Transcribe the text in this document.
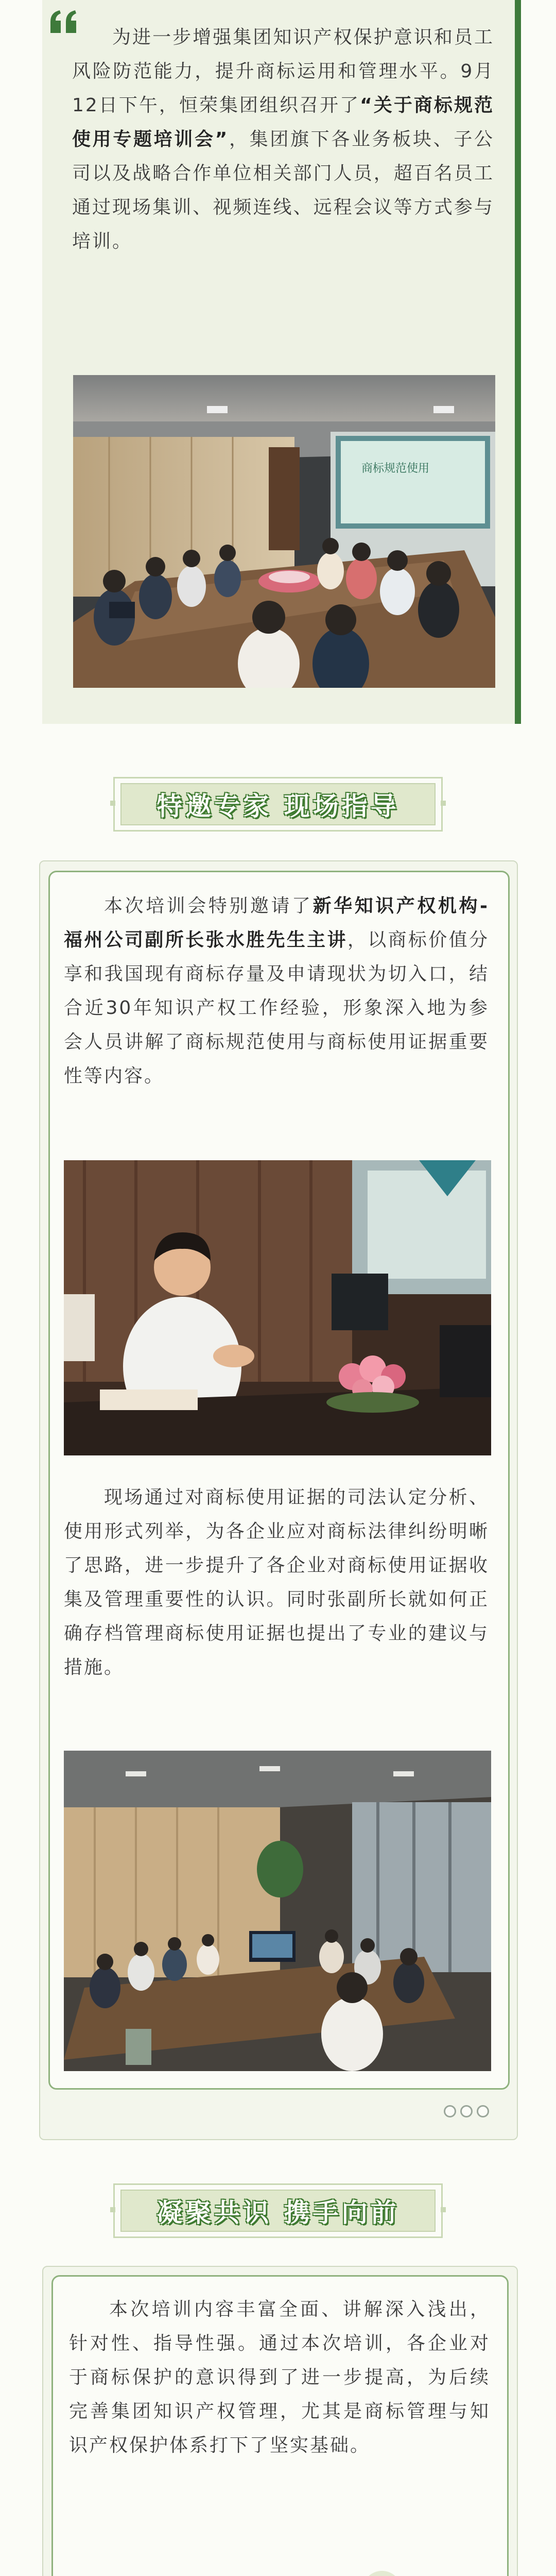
为进一步增强集团知识产权保护意识和员工风险防范能力，提升商标运用和管理水平。9月12日下午，恒荣集团组织召开了“关于商标规范使用专题培训会”，集团旗下各业务板块、子公司以及战略合作单位相关部门人员，超百名员工通过现场集训、视频连线、远程会议等方式参与培训。

商标规范使用
特邀专家 现场指导

本次培训会特别邀请了新华知识产权机构-福州公司副所长张水胜先生主讲，以商标价值分享和我国现有商标存量及申请现状为切入口，结合近30年知识产权工作经验，形象深入地为参会人员讲解了商标规范使用与商标使用证据重要性等内容。

现场通过对商标使用证据的司法认定分析、使用形式列举，为各企业应对商标法律纠纷明晰了思路，进一步提升了各企业对商标使用证据收集及管理重要性的认识。同时张副所长就如何正确存档管理商标使用证据也提出了专业的建议与措施。

凝聚共识 携手向前

本次培训内容丰富全面、讲解深入浅出，针对性、指导性强。通过本次培训，各企业对于商标保护的意识得到了进一步提高，为后续完善集团知识产权管理，尤其是商标管理与知识产权保护体系打下了坚实基础。
